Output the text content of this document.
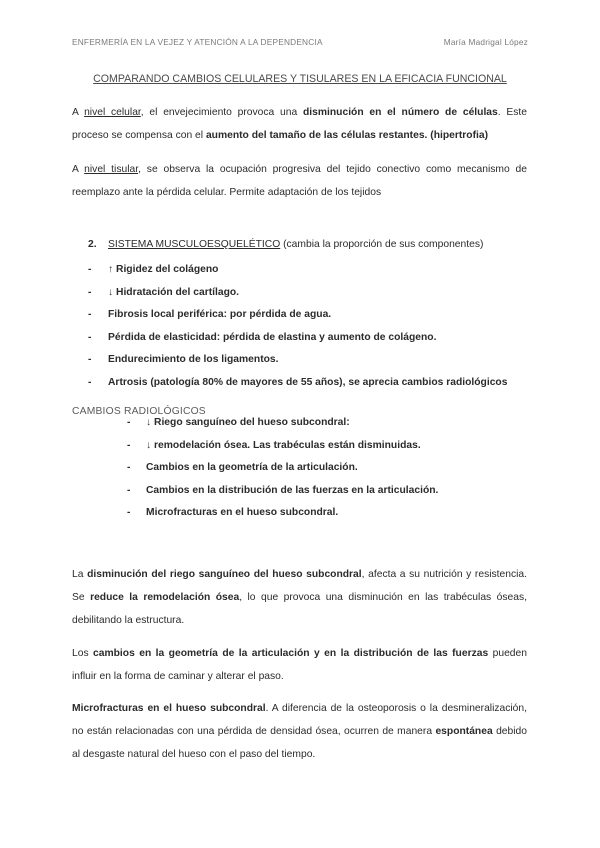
ENFERMERÍA EN LA VEJEZ Y ATENCIÓN A LA DEPENDENCIA	María Madrigal López
COMPARANDO CAMBIOS CELULARES Y TISULARES EN LA EFICACIA FUNCIONAL

A nivel celular, el envejecimiento provoca una disminución en el número de células. Este proceso se compensa con el aumento del tamaño de las células restantes. (hipertrofia)

A nivel tisular, se observa la ocupación progresiva del tejido conectivo como mecanismo de reemplazo ante la pérdida celular. Permite adaptación de los tejidos

2. SISTEMA MUSCULOESQUELÉTICO (cambia la proporción de sus componentes)
- ↑ Rigidez del colágeno
- ↓ Hidratación del cartílago.
- Fibrosis local periférica: por pérdida de agua.
- Pérdida de elasticidad: pérdida de elastina y aumento de colágeno.
- Endurecimiento de los ligamentos.
- Artrosis (patología 80% de mayores de 55 años), se aprecia cambios radiológicos
CAMBIOS RADIOLÓGICOS
- ↓ Riego sanguíneo del hueso subcondral:
- ↓ remodelación ósea. Las trabéculas están disminuidas.
- Cambios en la geometría de la articulación.
- Cambios en la distribución de las fuerzas en la articulación.
- Microfracturas en el hueso subcondral.

La disminución del riego sanguíneo del hueso subcondral, afecta a su nutrición y resistencia. Se reduce la remodelación ósea, lo que provoca una disminución en las trabéculas óseas, debilitando la estructura.

Los cambios en la geometría de la articulación y en la distribución de las fuerzas pueden influir en la forma de caminar y alterar el paso.

Microfracturas en el hueso subcondral. A diferencia de la osteoporosis o la desmineralización, no están relacionadas con una pérdida de densidad ósea, ocurren de manera espontánea debido al desgaste natural del hueso con el paso del tiempo.
